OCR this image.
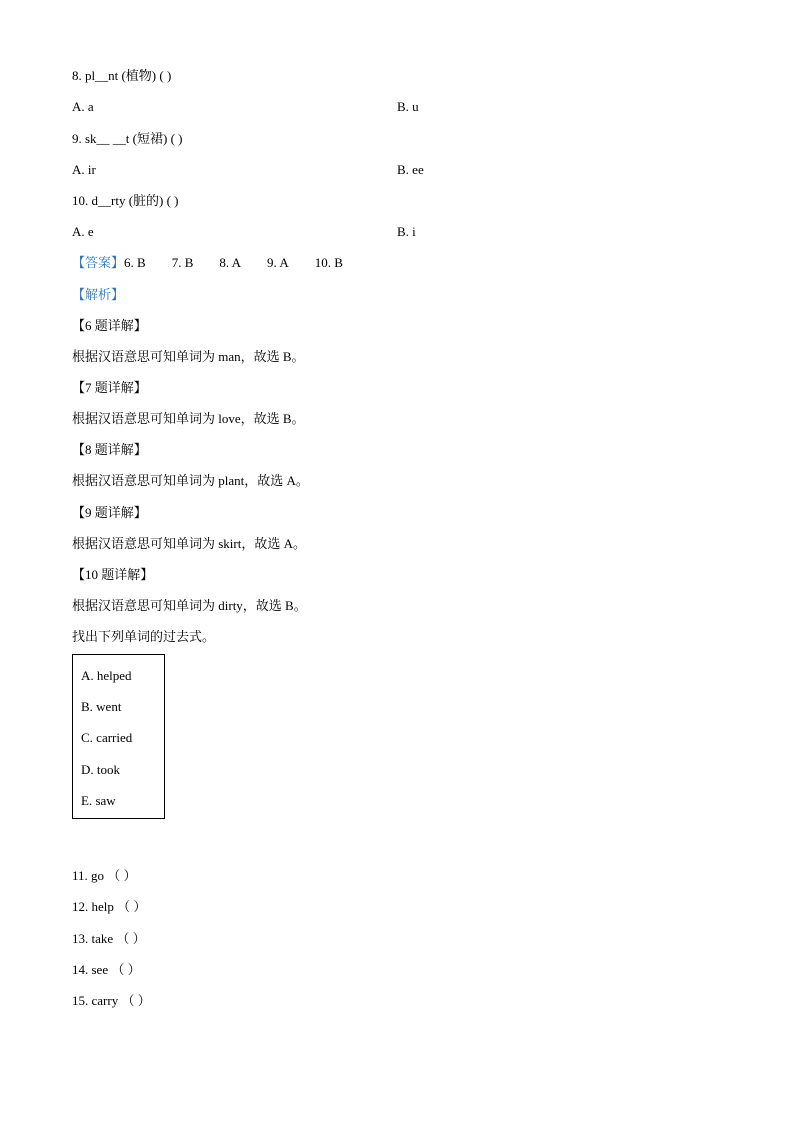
8. pl__nt (植物) ( )
A. a	B. u
9. sk__ __t (短裙) ( )
A. ir	B. ee
10. d__rty (脏的) ( )
A. e	B. i
【答案】6. B 7. B 8. A 9. A 10. B
【解析】
【6 题详解】
根据汉语意思可知单词为 man，故选 B。
【7 题详解】
根据汉语意思可知单词为 love，故选 B。
【8 题详解】
根据汉语意思可知单词为 plant，故选 A。
【9 题详解】
根据汉语意思可知单词为 skirt，故选 A。
【10 题详解】
根据汉语意思可知单词为 dirty，故选 B。
找出下列单词的过去式。
A. helped
B. went
C. carried
D. took
E. saw
11. go （ ）
12. help （ ）
13. take （ ）
14. see （ ）
15. carry （ ）
